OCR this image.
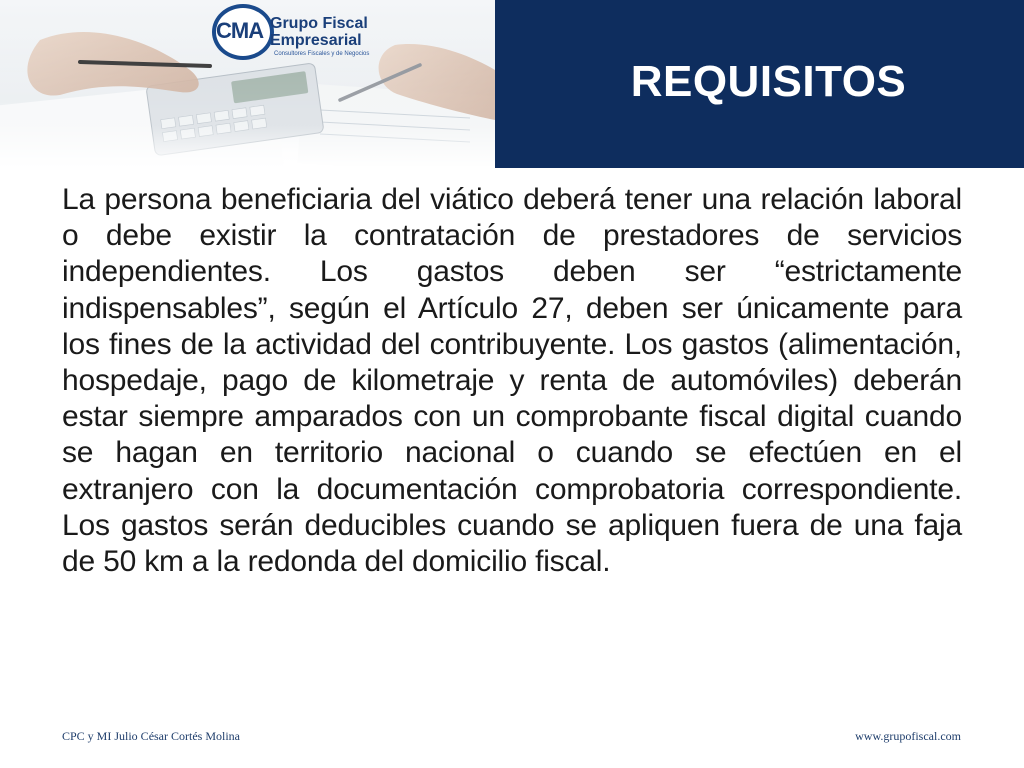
CMA Grupo Fiscal
Empresarial
Consultores Fiscales y de Negocios
REQUISITOS
La persona beneficiaria del viático deberá tener una relación laboral o debe existir la contratación de prestadores de servicios independientes. Los gastos deben ser “estrictamente indispensables”, según el Artículo 27, deben ser únicamente para los fines de la actividad del contribuyente. Los gastos (alimentación, hospedaje, pago de kilometraje y renta de automóviles) deberán estar siempre amparados con un comprobante fiscal digital cuando se hagan en territorio nacional o cuando se efectúen en el extranjero con la documentación comprobatoria correspondiente. Los gastos serán deducibles cuando se apliquen fuera de una faja de 50 km a la redonda del domicilio fiscal.
CPC y MI Julio César Cortés Molina	www.grupofiscal.com
